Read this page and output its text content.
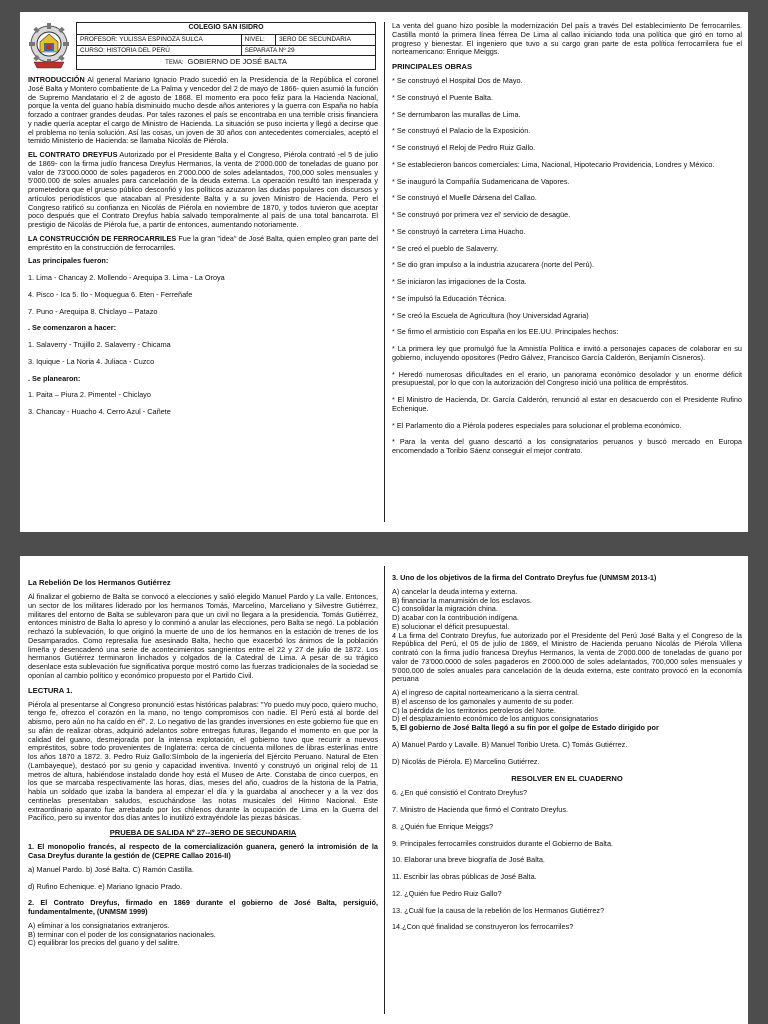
COLEGIO SAN ISIDRO		
PROFESOR: YULISSA ESPINOZA SULCA	NIVEL:	3ERO DE SECUNDARIA
CURSO: HISTORIA DEL PERÚ	SEPARATA Nº 29	
TEMA: GOBIERNO DE JOSÉ BALTA		

INTRODUCCIÓN Al general Mariano Ignacio Prado sucedió en la Presidencia de la República el coronel José Balta y Montero combatiente de La Palma y vencedor del 2 de mayo de 1866- quien asumió la función de Supremo Mandatario el 2 de agosto de 1868. El momento era poco feliz para la Hacienda Nacional, porque la venta del guano había disminuido mucho desde años anteriores y la guerra con España no había forzado a contraer grandes deudas. Por tales razones el país se encontraba en una terrible crisis financiera y nadie quería aceptar el cargo de Ministro de Hacienda. La situación se puso incierta y llegó a decirse que el problema no tenía solución. Así las cosas, un joven de 30 años con antecedentes comerciales, aceptó el temido Ministerio de Hacienda: se llamaba Nicolás de Piérola.

EL CONTRATO DREYFUS Autorizado por el Presidente Balta y el Congreso, Piérola contrató -el 5 de julio de 1869- con la firma judío francesa Dreyfus Hermanos, la venta de 2'000.000 de toneladas de guano por valor de 73'000.0000 de soles pagaderos en 2'000.000 de soles adelantados, 700,000 soles mensuales y 5'000.000 de soles anuales para cancelación de la deuda externa. La operación resultó tan inesperada y prometedora que el grueso público desconfió y los políticos azuzaron las dudas populares con discursos y artículos periodísticos que atacaban al Presidente Balta y a su joven Ministro de Hacienda. Pero el Congreso ratificó su confianza en Nicolás de Piérola en noviembre de 1870, y todos tuvieron que aceptar poco después que el Contrato Dreyfus había salvado temporalmente al país de una total bancarrota. El prestigio de Nicolás de Piérola fue, a partir de entonces, aumentando notoriamente.

LA CONSTRUCCIÓN DE FERROCARRILES Fue la gran "idea" de José Balta, quien empleo gran parte del empréstito en la construcción de ferrocarriles.

Las principales fueron:

1. Lima - Chancay 2. Mollendo - Arequipa 3. Lima - La Oroya

4. Pisco - Ica 5. Ilo - Moquegua 6. Eten - Ferreñafe

7. Puno - Arequipa 8. Chiclayo – Patazo

. Se comenzaron a hacer:

1. Salaverry - Trujillo 2. Salaverry - Chicama

3. Iquique - La Noria 4. Juliaca - Cuzco

. Se planearon:

1. Paita – Piura 2. Pimentel - Chiclayo

3. Chancay - Huacho 4. Cerro Azul - Cañete

La venta del guano hizo posible la modernización Del país a través Del establecimiento De ferrocarriles. Castilla montó la primera línea férrea De Lima al callao iniciando toda una política que giró en torno al progreso y bienestar. El ingeniero que tuvo a su cargo gran parte de esta política ferrocarrilera fue el norteamericano: Enrique Meiggs.

PRINCIPALES OBRAS

* Se construyó el Hospital Dos de Mayo.

* Se construyó el Puente Balta.

* Se derrumbaron las murallas de Lima.

* Se construyó el Palacio de la Exposición.

* Se construyó el Reloj de Pedro Ruiz Gallo.

* Se establecieron bancos comerciales: Lima, Nacional, Hipotecario Providencia, Londres y México.

* Se inauguró la Compañía Sudamericana de Vapores.

* Se construyó el Muelle Dársena del Callao.

* Se construyó por primera vez el' servicio de desagüe.

* Se construyó la carretera Lima Huacho.

* Se creó el pueblo de Salaverry.

* Se dio gran impulso a la industria azucarera (norte del Perú).

* Se iniciaron las irrigaciones de la Costa.

* Se impulsó la Educación Técnica.

* Se creó la Escuela de Agricultura (hoy Universidad Agraria)

* Se firmo el armisticio con España en los EE.UU. Principales hechos:

* La primera ley que promulgó fue la Amnistía Política e invitó a personajes capaces de colaborar en su gobierno, incluyendo opositores (Pedro Gálvez, Francisco García Calderón, Benjamín Cisneros).

* Heredó numerosas dificultades en el erario, un panorama económico desolador y un enorme déficit presupuestal, por lo que con la autorización del Congreso inició una política de empréstitos.

* El Ministro de Hacienda, Dr. García Calderón, renunció al estar en desacuerdo con el Presidente Rufino Echenique.

* El Parlamento dio a Piérola poderes especiales para solucionar el problema económico.

* Para la venta del guano descartó a los consignatarios peruanos y buscó mercado en Europa encomendado a Toribio Sáenz conseguir el mejor contrato.

La Rebelión De los Hermanos Gutiérrez

Al finalizar el gobierno de Balta se convocó a elecciones y salió elegido Manuel Pardo y La valle. Entonces, un sector de los militares liderado por los hermanos Tomás, Marcelino, Marceliano y Silvestre Gutiérrez, militares del entorno de Balta se sublevaron para que un civil no llegara a la presidencia. Tomás Gutiérrez, entonces ministro de Balta lo apreso y lo conminó a anular las elecciones, pero Balta se negó. La población rechazó la sublevación, lo que originó la muerte de uno de los hermanos en la estación de trenes de los Desamparados. Como represalia fue asesinado Balta, hecho que exacerbó los ánimos de la población limeña y desencadenó una serie de acontecimientos sangrientos entre el 22 y 27 de julio de 1872. Los hermanos Gutiérrez terminaron linchados y colgados de la Catedral de Lima. A pesar de su trágico desenlace esta sublevación fue significativa porque mostró como las fuerzas tradicionales de la sociedad se oponían al cambio político y económico propuesto por el Partido Civil.

LECTURA 1.

Piérola al presentarse al Congreso pronunció estas históricas palabras: "Yo puedo muy poco, quiero mucho, tengo fe, ofrezco el corazón en la mano, no tengo compromisos con nadie. El Perú está al borde del abismo, pero aún no ha caído en él". 2. Lo negativo de las grandes inversiones en este gobierno fue que en su afán de realizar obras, adquirió adelantos sobre entregas futuras, llegando el momento en que por la calidad del guano, desmejorada por la intensa explotación, el gobierno tuvo que recurrir a nuevos empréstitos, sobre todo provenientes de Inglaterra: cerca de cincuenta millones de libras esterlinas entre los años 1870 a 1872. 3. Pedro Ruiz Gallo:Símbolo de la ingeniería del Ejército Peruano. Natural de Eten (Lambayeque), destacó por su genio y capacidad inventiva. Inventó y construyó un original reloj de 11 metros de altura, habiéndose instalado donde hoy está el Museo de Arte. Constaba de cinco cuerpos, en los que se marcaba respectivamente las horas, días, meses del año, cuadros de la historia de la Patria, había un soldado que izaba la bandera al empezar el día y la guardaba al anochecer y a la vez dos centinelas presentaban saludos, escuchándose las notas musicales del Himno Nacional. Este extraordinario aparato fue arrebatado por los chilenos durante la ocupación de Lima en la Guerra del Pacífico, pero su inventor dos días antes lo inutilizó extrayéndole las piezas básicas.

PRUEBA DE SALIDA Nº 27--3ERO DE SECUNDARIA

1. El monopolio francés, al respecto de la comercialización guanera, generó la intromisión de la Casa Dreyfus durante la gestión de (CEPRE Callao 2016-II)

a) Manuel Pardo. b) José Balta. C) Ramón Castilla.

d) Rufino Echenique. e) Mariano Ignacio Prado.

2. El Contrato Dreyfus, firmado en 1869 durante el gobierno de José Balta, persiguió, fundamentalmente, (UNMSM 1999)

A) eliminar a los consignatarios extranjeros.

B) terminar con el poder de los consignatarios nacionales.

C) equilibrar los precios del guano y del salitre.

3. Uno de los objetivos de la firma del Contrato Dreyfus fue (UNMSM 2013-1)

A) cancelar la deuda interna y externa.

B) financiar la manumisión de los esclavos.

C) consolidar la migración china.

D) acabar con la contribución indígena.

E) solucionar el déficit presupuestal.

4 La firma del Contrato Dreyfus, fue autorizado por el Presidente del Perú José Balta y el Congreso de la República del Perú, el 05 de julio de 1869, el Ministro de Hacienda peruano Nicolás de Piérola Villena contrató con la firma judío francesa Dreyfus Hermanos, la venta de 2'000.000 de toneladas de guano por valor de 73'000.0000 de soles pagaderos en 2'000.000 de soles adelantados, 700,000 soles mensuales y 5'000.000 de soles anuales para cancelación de la deuda externa, este contrato provocó en la economía peruana

A) el ingreso de capital norteamericano a la sierra central.

B) el ascenso de los gamonales y aumento de su poder.

C) la pérdida de los territorios petroleros del Norte.

D) el desplazamiento económico de los antiguos consignatarios

5, El gobierno de José Balta llegó a su fin por el golpe de Estado dirigido por

A) Manuel Pardo y Lavalle. B) Manuel Toribio Ureta. C) Tomás Gutiérrez.

D) Nicolás de Piérola. E) Marcelino Gutiérrez.

RESOLVER EN EL CUADERNO

6. ¿En qué consistió el Contrato Dreyfus?

7. Ministro de Hacienda que firmó el Contrato Dreyfus.

8. ¿Quién fue Enrique Meiggs?

9. Principales ferrocarriles construidos durante el Gobierno de Balta.

10. Elaborar una breve biografía de José Balta.

11. Escribir las obras públicas de José Balta.

12. ¿Quién fue Pedro Ruiz Gallo?

13. ¿Cuál fue la causa de la rebelión de los Hermanos Gutiérrez?

14.¿Con qué finalidad se construyeron los ferrocarriles?
